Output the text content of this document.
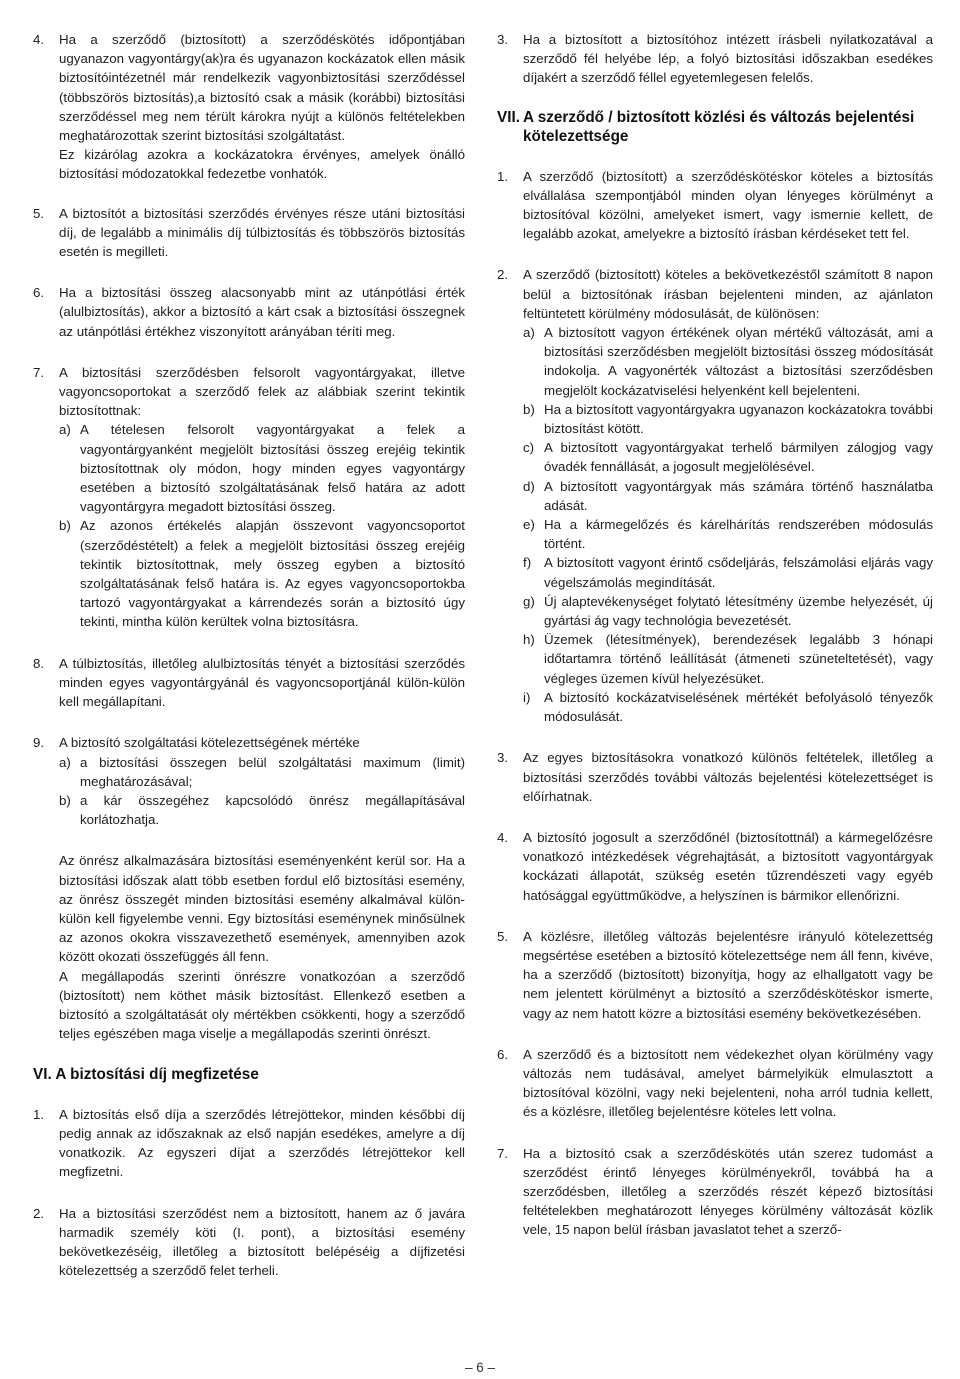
4. Ha a szerződő (biztosított) a szerződéskötés időpontjában ugyanazon vagyontárgy(ak)ra és ugyanazon kockázatok ellen másik biztosítóintézetnél már rendelkezik vagyonbiztosítási szerződéssel (többszörös biztosítás),a biztosító csak a másik (korábbi) biztosítási szerződéssel meg nem térült károkra nyújt a különös feltételekben meghatározottak szerint biztosítási szolgáltatást.

Ez kizárólag azokra a kockázatokra érvényes, amelyek önálló biztosítási módozatokkal fedezetbe vonhatók.

5. A biztosítót a biztosítási szerződés érvényes része utáni biztosítási díj, de legalább a minimális díj túlbiztosítás és többszörös biztosítás esetén is megilleti.

6. Ha a biztosítási összeg alacsonyabb mint az utánpótlási érték (alulbiztosítás), akkor a biztosító a kárt csak a biztosítási összegnek az utánpótlási értékhez viszonyított arányában téríti meg.

7. A biztosítási szerződésben felsorolt vagyontárgyakat, illetve vagyoncsoportokat a szerződő felek az alábbiak szerint tekintik biztosítottnak:

a) A tételesen felsorolt vagyontárgyakat a felek a vagyontárgyanként megjelölt biztosítási összeg erejéig tekintik biztosítottnak oly módon, hogy minden egyes vagyontárgy esetében a biztosító szolgáltatásának felső határa az adott vagyontárgyra megadott biztosítási összeg.
b) Az azonos értékelés alapján összevont vagyoncsoportot (szerződéstételt) a felek a megjelölt biztosítási összeg erejéig tekintik biztosítottnak, mely összeg egyben a biztosító szolgáltatásának felső határa is. Az egyes vagyoncsoportokba tartozó vagyontárgyakat a kárrendezés során a biztosító úgy tekinti, mintha külön kerültek volna biztosításra.
8. A túlbiztosítás, illetőleg alulbiztosítás tényét a biztosítási szerződés minden egyes vagyontárgyánál és vagyoncsoportjánál külön-külön kell megállapítani.

9. A biztosító szolgáltatási kötelezettségének mértéke

a) a biztosítási összegen belül szolgáltatási maximum (limit) meghatározásával;
b) a kár összegéhez kapcsolódó önrész megállapításával korlátozhatja.

Az önrész alkalmazására biztosítási eseményenként kerül sor. Ha a biztosítási időszak alatt több esetben fordul elő biztosítási esemény, az önrész összegét minden biztosítási esemény alkalmával külön-külön kell figyelembe venni. Egy biztosítási eseménynek minősülnek az azonos okokra visszavezethető események, amennyiben azok között okozati összefüggés áll fenn.

A megállapodás szerinti önrészre vonatkozóan a szerződő (biztosított) nem köthet másik biztosítást. Ellenkező esetben a biztosító a szolgáltatását oly mértékben csökkenti, hogy a szerződő teljes egészében maga viselje a megállapodás szerinti önrészt.

VI. A biztosítási díj megfizetése
1. A biztosítás első díja a szerződés létrejöttekor, minden későbbi díj pedig annak az időszaknak az első napján esedékes, amelyre a díj vonatkozik. Az egyszeri díjat a szerződés létrejöttekor kell megfizetni.

2. Ha a biztosítási szerződést nem a biztosított, hanem az ő javára harmadik személy köti (I. pont), a biztosítási esemény bekövetkezéséig, illetőleg a biztosított belépéséig a díjfizetési kötelezettség a szerződő felet terheli.

3. Ha a biztosított a biztosítóhoz intézett írásbeli nyilatkozatával a szerződő fél helyébe lép, a folyó biztosítási időszakban esedékes díjakért a szerződő féllel egyetemlegesen felelős.

VII. A szerződő / biztosított közlési és változás bejelentési kötelezettsége
1. A szerződő (biztosított) a szerződéskötéskor köteles a biztosítás elvállalása szempontjából minden olyan lényeges körülményt a biztosítóval közölni, amelyeket ismert, vagy ismernie kellett, de legalább azokat, amelyekre a biztosító írásban kérdéseket tett fel.

2. A szerződő (biztosított) köteles a bekövetkezéstől számított 8 napon belül a biztosítónak írásban bejelenteni minden, az ajánlaton feltüntetett körülmény módosulását, de különösen:

a) A biztosított vagyon értékének olyan mértékű változását, ami a biztosítási szerződésben megjelölt biztosítási összeg módosítását indokolja. A vagyonérték változást a biztosítási szerződésben megjelölt kockázatviselési helyenként kell bejelenteni.
b) Ha a biztosított vagyontárgyakra ugyanazon kockázatokra további biztosítást kötött.
c) A biztosított vagyontárgyakat terhelő bármilyen zálogjog vagy óvadék fennállását, a jogosult megjelölésével.
d) A biztosított vagyontárgyak más számára történő használatba adását.
e) Ha a kármegelőzés és kárelhárítás rendszerében módosulás történt.
f) A biztosított vagyont érintő csődeljárás, felszámolási eljárás vagy végelszámolás megindítását.
g) Új alaptevékenységet folytató létesítmény üzembe helyezését, új gyártási ág vagy technológia bevezetését.
h) Üzemek (létesítmények), berendezések legalább 3 hónapi időtartamra történő leállítását (átmeneti szüneteltetését), vagy végleges üzemen kívül helyezésüket.
i) A biztosító kockázatviselésének mértékét befolyásoló tényezők módosulását.
3. Az egyes biztosításokra vonatkozó különös feltételek, illetőleg a biztosítási szerződés további változás bejelentési kötelezettséget is előírhatnak.

4. A biztosító jogosult a szerződőnél (biztosítottnál) a kármegelőzésre vonatkozó intézkedések végrehajtását, a biztosított vagyontárgyak kockázati állapotát, szükség esetén tűzrendészeti vagy egyéb hatósággal együttműködve, a helyszínen is bármikor ellenőrizni.

5. A közlésre, illetőleg változás bejelentésre irányuló kötelezettség megsértése esetében a biztosító kötelezettsége nem áll fenn, kivéve, ha a szerződő (biztosított) bizonyítja, hogy az elhallgatott vagy be nem jelentett körülményt a biztosító a szerződéskötéskor ismerte, vagy az nem hatott közre a biztosítási esemény bekövetkezésében.

6. A szerződő és a biztosított nem védekezhet olyan körülmény vagy változás nem tudásával, amelyet bármelyikük elmulasztott a biztosítóval közölni, vagy neki bejelenteni, noha arról tudnia kellett, és a közlésre, illetőleg bejelentésre köteles lett volna.

7. Ha a biztosító csak a szerződéskötés után szerez tudomást a szerződést érintő lényeges körülményekről, továbbá ha a szerződésben, illetőleg a szerződés részét képező biztosítási feltételekben meghatározott lényeges körülmény változását közlik vele, 15 napon belül írásban javaslatot tehet a szerző-

– 6 –
